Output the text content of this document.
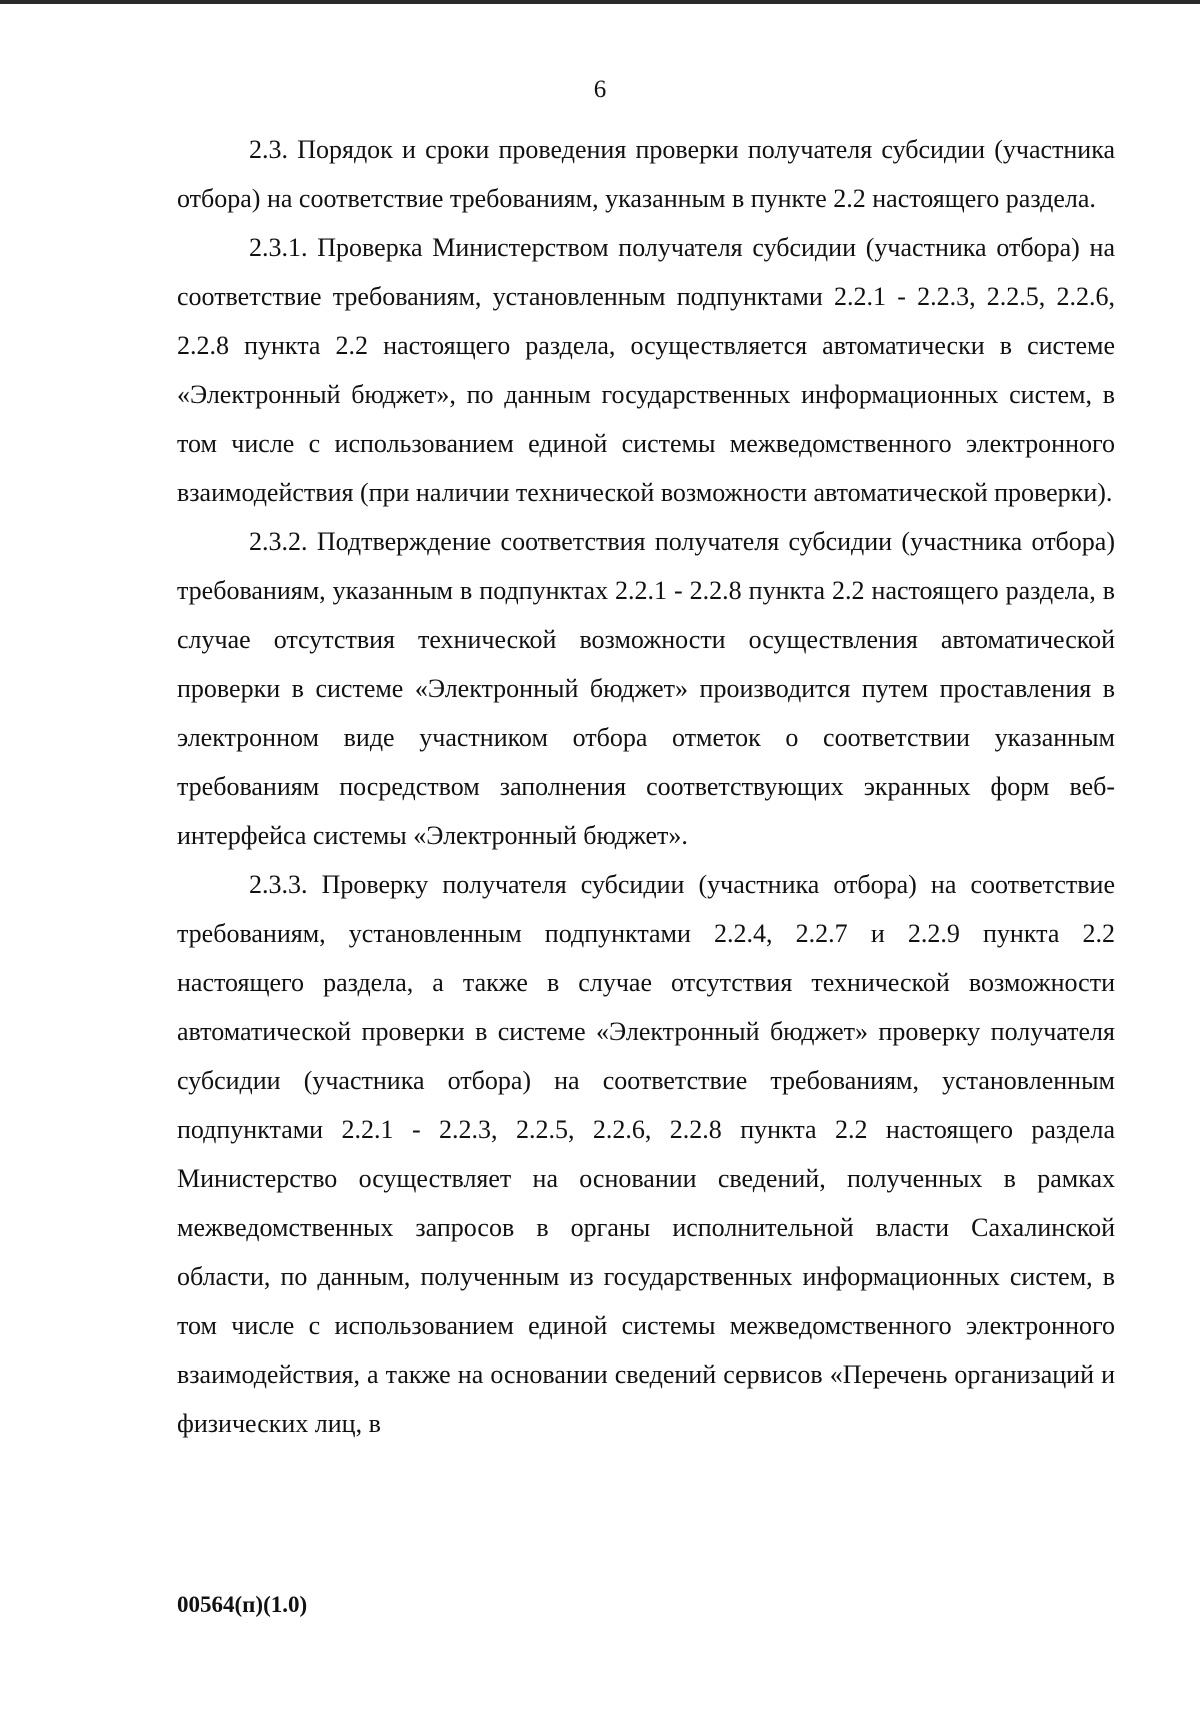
6

2.3. Порядок и сроки проведения проверки получателя субсидии (участника отбора) на соответствие требованиям, указанным в пункте 2.2 настоящего раздела.

2.3.1. Проверка Министерством получателя субсидии (участника отбора) на соответствие требованиям, установленным подпунктами 2.2.1 - 2.2.3, 2.2.5, 2.2.6, 2.2.8 пункта 2.2 настоящего раздела, осуществляется автоматически в системе «Электронный бюджет», по данным государственных информационных систем, в том числе с использованием единой системы межведомственного электронного взаимодействия (при наличии технической возможности автоматической проверки).

2.3.2. Подтверждение соответствия получателя субсидии (участника отбора) требованиям, указанным в подпунктах 2.2.1 - 2.2.8 пункта 2.2 настоящего раздела, в случае отсутствия технической возможности осуществления автоматической проверки в системе «Электронный бюджет» производится путем проставления в электронном виде участником отбора отметок о соответствии указанным требованиям посредством заполнения соответствующих экранных форм веб-интерфейса системы «Электронный бюджет».

2.3.3. Проверку получателя субсидии (участника отбора) на соответствие требованиям, установленным подпунктами 2.2.4, 2.2.7 и 2.2.9 пункта 2.2 настоящего раздела, а также в случае отсутствия технической возможности автоматической проверки в системе «Электронный бюджет» проверку получателя субсидии (участника отбора) на соответствие требованиям, установленным подпунктами 2.2.1 - 2.2.3, 2.2.5, 2.2.6, 2.2.8 пункта 2.2 настоящего раздела Министерство осуществляет на основании сведений, полученных в рамках межведомственных запросов в органы исполнительной власти Сахалинской области, по данным, полученным из государственных информационных систем, в том числе с использованием единой системы межведомственного электронного взаимодействия, а также на основании сведений сервисов «Перечень организаций и физических лиц, в

00564(п)(1.0)
